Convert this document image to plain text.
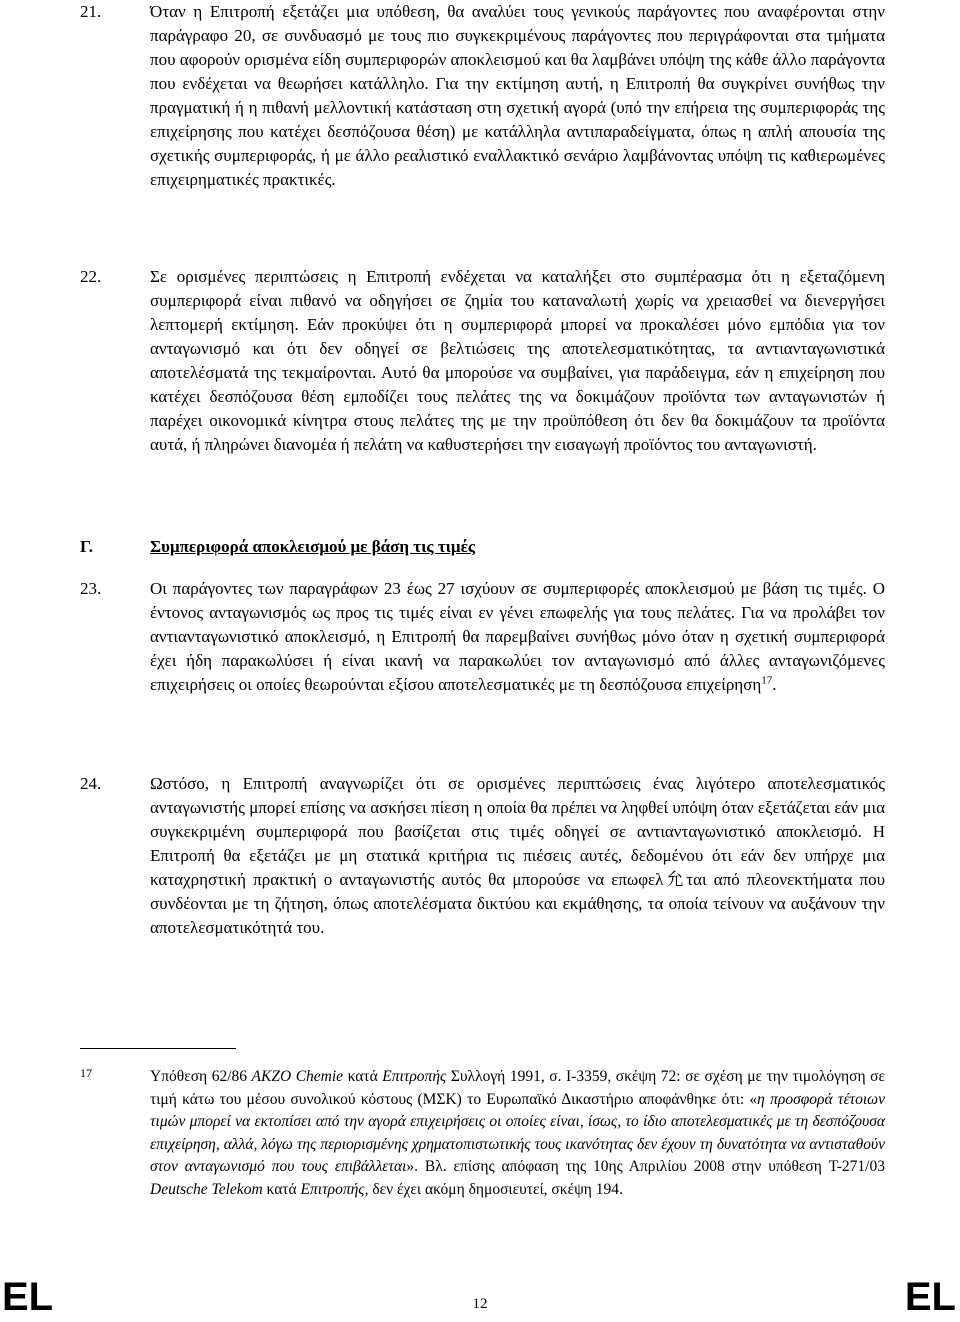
21.	Όταν η Επιτροπή εξετάζει μια υπόθεση, θα αναλύει τους γενικούς παράγοντες που αναφέρονται στην παράγραφο 20, σε συνδυασμό με τους πιο συγκεκριμένους παράγοντες που περιγράφονται στα τμήματα που αφορούν ορισμένα είδη συμπεριφορών αποκλεισμού και θα λαμβάνει υπόψη της κάθε άλλο παράγοντα που ενδέχεται να θεωρήσει κατάλληλο. Για την εκτίμηση αυτή, η Επιτροπή θα συγκρίνει συνήθως την πραγματική ή η πιθανή μελλοντική κατάσταση στη σχετική αγορά (υπό την επήρεια της συμπεριφοράς της επιχείρησης που κατέχει δεσπόζουσα θέση) με κατάλληλα αντιπαραδείγματα, όπως η απλή απουσία της σχετικής συμπεριφοράς, ή με άλλο ρεαλιστικό εναλλακτικό σενάριο λαμβάνοντας υπόψη τις καθιερωμένες επιχειρηματικές πρακτικές.
22.	Σε ορισμένες περιπτώσεις η Επιτροπή ενδέχεται να καταλήξει στο συμπέρασμα ότι η εξεταζόμενη συμπεριφορά είναι πιθανό να οδηγήσει σε ζημία του καταναλωτή χωρίς να χρειασθεί να διενεργήσει λεπτομερή εκτίμηση. Εάν προκύψει ότι η συμπεριφορά μπορεί να προκαλέσει μόνο εμπόδια για τον ανταγωνισμό και ότι δεν οδηγεί σε βελτιώσεις της αποτελεσματικότητας, τα αντιανταγωνιστικά αποτελέσματά της τεκμαίρονται. Αυτό θα μπορούσε να συμβαίνει, για παράδειγμα, εάν η επιχείρηση που κατέχει δεσπόζουσα θέση εμποδίζει τους πελάτες της να δοκιμάζουν προϊόντα των ανταγωνιστών ή παρέχει οικονομικά κίνητρα στους πελάτες της με την προϋπόθεση ότι δεν θα δοκιμάζουν τα προϊόντα αυτά, ή πληρώνει διανομέα ή πελάτη να καθυστερήσει την εισαγωγή προϊόντος του ανταγωνιστή.
Γ.	Συμπεριφορά αποκλεισμού με βάση τις τιμές
23.	Οι παράγοντες των παραγράφων 23 έως 27 ισχύουν σε συμπεριφορές αποκλεισμού με βάση τις τιμές. Ο έντονος ανταγωνισμός ως προς τις τιμές είναι εν γένει επωφελής για τους πελάτες. Για να προλάβει τον αντιανταγωνιστικό αποκλεισμό, η Επιτροπή θα παρεμβαίνει συνήθως μόνο όταν η σχετική συμπεριφορά έχει ήδη παρακωλύσει ή είναι ικανή να παρακωλύει τον ανταγωνισμό από άλλες ανταγωνιζόμενες επιχειρήσεις οι οποίες θεωρούνται εξίσου αποτελεσματικές με τη δεσπόζουσα επιχείρηση$^{17}$.
24.	Ωστόσο, η Επιτροπή αναγνωρίζει ότι σε ορισμένες περιπτώσεις ένας λιγότερο αποτελεσματικός ανταγωνιστής μπορεί επίσης να ασκήσει πίεση η οποία θα πρέπει να ληφθεί υπόψη όταν εξετάζεται εάν μια συγκεκριμένη συμπεριφορά που βασίζεται στις τιμές οδηγεί σε αντιανταγωνιστικό αποκλεισμό. Η Επιτροπή θα εξετάζει με μη στατικά κριτήρια τις πιέσεις αυτές, δεδομένου ότι εάν δεν υπήρχε μια καταχρηστική πρακτική ο ανταγωνιστής αυτός θα μπορούσε να επωφελ允ται από πλεονεκτήματα που συνδέονται με τη ζήτηση, όπως αποτελέσματα δικτύου και εκμάθησης, τα οποία τείνουν να αυξάνουν την αποτελεσματικότητά του.
17	Υπόθεση 62/86 AKZO Chemie κατά Επιτροπής Συλλογή 1991, σ. I-3359, σκέψη 72: σε σχέση με την τιμολόγηση σε τιμή κάτω του μέσου συνολικού κόστους (ΜΣΚ) το Ευρωπαϊκό Δικαστήριο αποφάνθηκε ότι: «η προσφορά τέτοιων τιμών μπορεί να εκτοπίσει από την αγορά επιχειρήσεις οι οποίες είναι, ίσως, το ίδιο αποτελεσματικές με τη δεσπόζουσα επιχείρηση, αλλά, λόγω της περιορισμένης χρηματοπιστωτικής τους ικανότητας δεν έχουν τη δυνατότητα να αντισταθούν στον ανταγωνισμό που τους επιβάλλεται». Βλ. επίσης απόφαση της 10ης Απριλίου 2008 στην υπόθεση T-271/03 Deutsche Telekom κατά Επιτροπής, δεν έχει ακόμη δημοσιευτεί, σκέψη 194.
EL	12	EL
